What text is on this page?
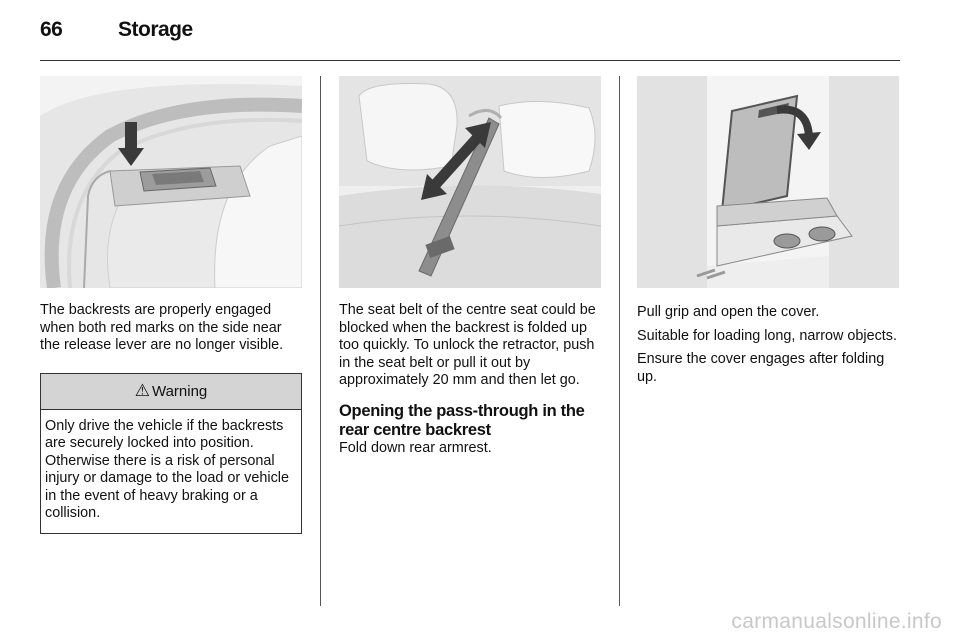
66	Storage

The backrests are properly engaged when both red marks on the side near the release lever are no longer visible.

⚠ Warning
Only drive the vehicle if the backrests are securely locked into position. Otherwise there is a risk of personal injury or damage to the load or vehicle in the event of heavy braking or a collision.

The seat belt of the centre seat could be blocked when the backrest is folded up too quickly. To unlock the retractor, push in the seat belt or pull it out by approximately 20 mm and then let go.

Opening the pass-through in the rear centre backrest

Fold down rear armrest.

Pull grip and open the cover.

Suitable for loading long, narrow objects.

Ensure the cover engages after folding up.

carmanualsonline.info
